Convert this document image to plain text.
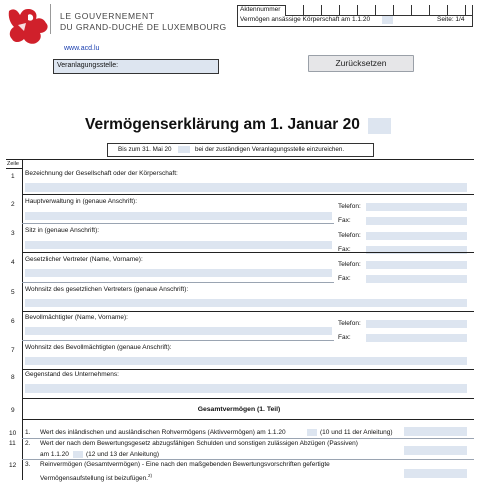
LE GOUVERNEMENT
DU GRAND-DUCHÉ DE LUXEMBOURG
Aktennummer
Vermögen ansässige Körperschaft am 1.1.20	Seite: 1/4
www.acd.lu
Veranlagungsstelle:	Zurücksetzen
Vermögenserklärung am 1. Januar 20
Bis zum 31. Mai 20	bei der zuständigen Veranlagungsstelle einzureichen.
Zeile
1 Bezeichnung der Gesellschaft oder der Körperschaft:
2 Hauptverwaltung in (genaue Anschrift):
Telefon:
Fax:
3 Sitz in (genaue Anschrift):
Telefon:
Fax:
4 Gesetzlicher Vertreter (Name, Vorname):
Telefon:
Fax:
5 Wohnsitz des gesetzlichen Vertreters (genaue Anschrift):
6
Bevollmächtigter (Name, Vorname):
Telefon:
Fax:
7 Wohnsitz des Bevollmächtigten (genaue Anschrift):
8 Gegenstand des Unternehmens:
9	Gesamtvermögen (1. Teil)
10 1. Wert des inländischen und ausländischen Rohvermögens (Aktivvermögen) am 1.1.20	(10 und 11 der Anleitung)
11 2. Wert der nach dem Bewertungsgesetz abzugsfähigen Schulden und sonstigen zulässigen Abzügen (Passiven)
am 1.1.20	(12 und 13 der Anleitung)
12 3. Reinvermögen (Gesamtvermögen) - Eine nach den maßgebenden Bewertungsvorschriften gefertigte
Vermögensaufstellung ist beizufügen.$^{2)}$
